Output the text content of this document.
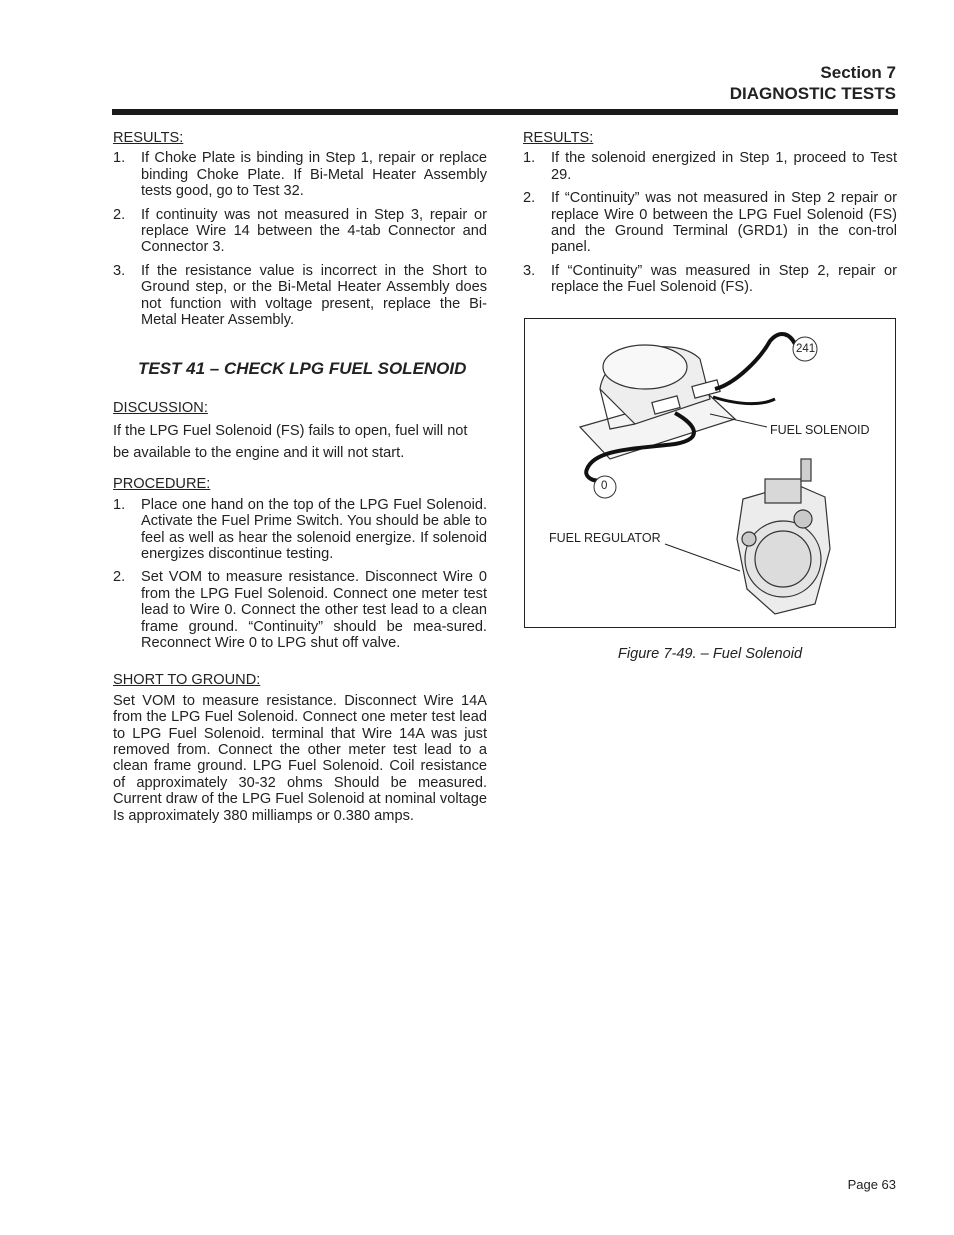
Section 7
DIAGNOSTIC TESTS
RESULTS:
1. If Choke Plate is binding in Step 1, repair or replace binding Choke Plate. If Bi-Metal Heater Assembly tests good, go to Test 32.
2. If continuity was not measured in Step 3, repair or replace Wire 14 between the 4-tab Connector and Connector 3.
3. If the resistance value is incorrect in the Short to Ground step, or the Bi-Metal Heater Assembly does not function with voltage present, replace the Bi-Metal Heater Assembly.
TEST 41 – CHECK LPG FUEL SOLENOID
DISCUSSION:

If the LPG Fuel Solenoid (FS) fails to open, fuel will not be available to the engine and it will not start.

PROCEDURE:
1. Place one hand on the top of the LPG Fuel Solenoid. Activate the Fuel Prime Switch. You should be able to feel as well as hear the solenoid energize. If solenoid energizes discontinue testing.
2. Set VOM to measure resistance. Disconnect Wire 0 from the LPG Fuel Solenoid. Connect one meter test lead to Wire 0. Connect the other test lead to a clean frame ground. “Continuity” should be mea-sured. Reconnect Wire 0 to LPG shut off valve.
SHORT TO GROUND:

Set VOM to measure resistance. Disconnect Wire 14A from the LPG Fuel Solenoid. Connect one meter test lead to LPG Fuel Solenoid. terminal that Wire 14A was just removed from. Connect the other meter test lead to a clean frame ground. LPG Fuel Solenoid. Coil resistance of approximately 30-32 ohms Should be measured. Current draw of the LPG Fuel Solenoid at nominal voltage Is approximately 380 milliamps or 0.380 amps.

RESULTS:
1. If the solenoid energized in Step 1, proceed to Test 29.
2. If “Continuity” was not measured in Step 2 repair or replace Wire 0 between the LPG Fuel Solenoid (FS) and the Ground Terminal (GRD1) in the con-trol panel.
3. If “Continuity” was measured in Step 2, repair or replace the Fuel Solenoid (FS).
241
0
FUEL SOLENOID
FUEL REGULATOR
Figure 7-49. – Fuel Solenoid
Page 63
